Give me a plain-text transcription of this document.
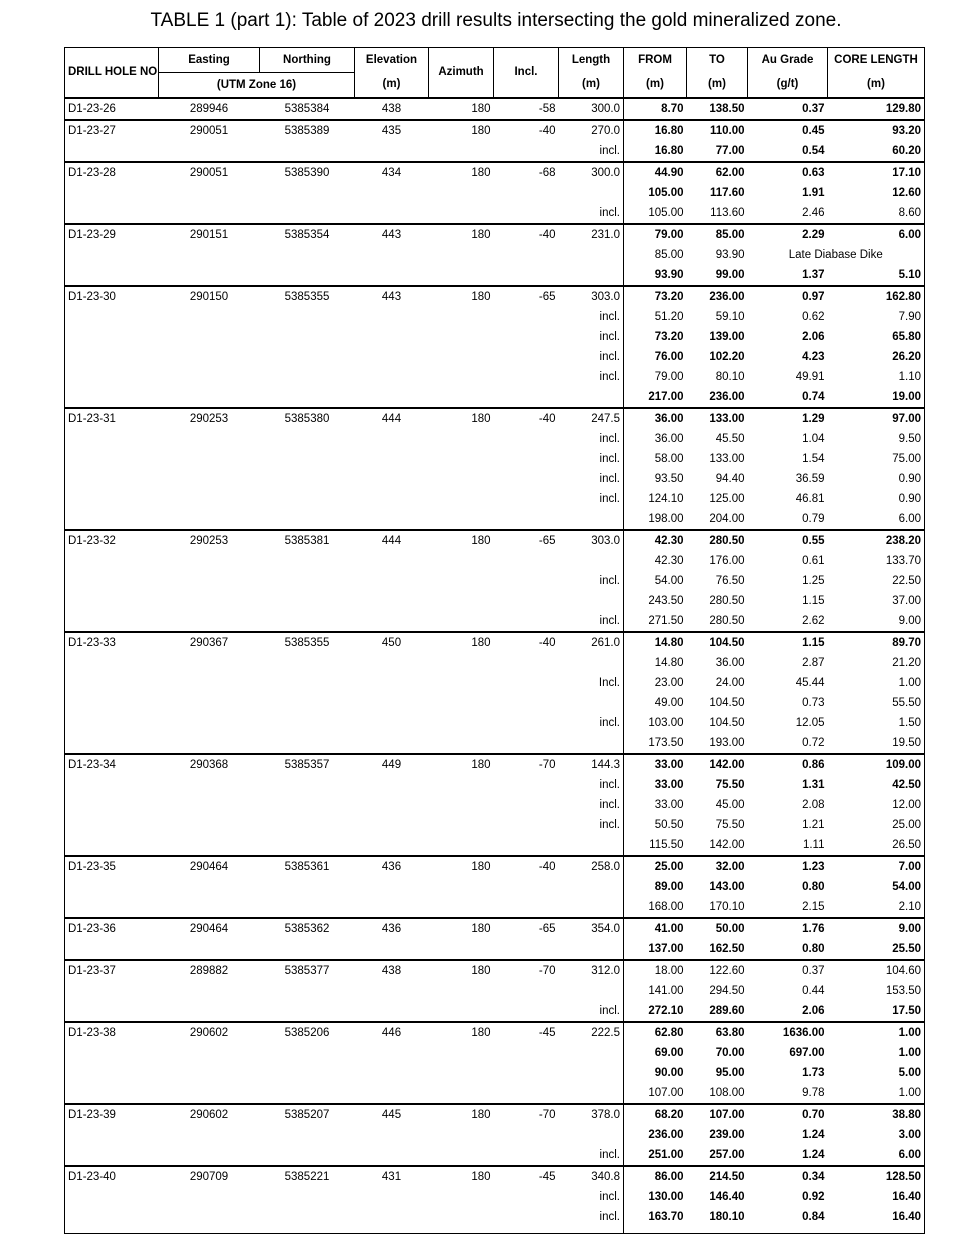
TABLE 1 (part 1): Table of 2023 drill results intersecting the gold mineralized zone.
DRILL HOLE NO	Easting	Northing	Elevation	Azimuth	Incl.	Length	FROM	TO	Au Grade	CORE LENGTH
	(UTM Zone 16)		(m)			(m)	(m)	(m)	(g/t)	(m)
D1-23-26	289946	5385384	438	180	-58	300.0	8.70	138.50	0.37	129.80
D1-23-27	290051	5385389	435	180	-40	270.0	16.80	110.00	0.45	93.20
						incl.	16.80	77.00	0.54	60.20
D1-23-28	290051	5385390	434	180	-68	300.0	44.90	62.00	0.63	17.10
							105.00	117.60	1.91	12.60
						incl.	105.00	113.60	2.46	8.60
D1-23-29	290151	5385354	443	180	-40	231.0	79.00	85.00	2.29	6.00
							85.00	93.90	Late Diabase Dike	
							93.90	99.00	1.37	5.10
D1-23-30	290150	5385355	443	180	-65	303.0	73.20	236.00	0.97	162.80
						incl.	51.20	59.10	0.62	7.90
						incl.	73.20	139.00	2.06	65.80
						incl.	76.00	102.20	4.23	26.20
						incl.	79.00	80.10	49.91	1.10
							217.00	236.00	0.74	19.00
D1-23-31	290253	5385380	444	180	-40	247.5	36.00	133.00	1.29	97.00
						incl.	36.00	45.50	1.04	9.50
						incl.	58.00	133.00	1.54	75.00
						incl.	93.50	94.40	36.59	0.90
						incl.	124.10	125.00	46.81	0.90
							198.00	204.00	0.79	6.00
D1-23-32	290253	5385381	444	180	-65	303.0	42.30	280.50	0.55	238.20
							42.30	176.00	0.61	133.70
						incl.	54.00	76.50	1.25	22.50
							243.50	280.50	1.15	37.00
						incl.	271.50	280.50	2.62	9.00
D1-23-33	290367	5385355	450	180	-40	261.0	14.80	104.50	1.15	89.70
							14.80	36.00	2.87	21.20
						Incl.	23.00	24.00	45.44	1.00
							49.00	104.50	0.73	55.50
						incl.	103.00	104.50	12.05	1.50
							173.50	193.00	0.72	19.50
D1-23-34	290368	5385357	449	180	-70	144.3	33.00	142.00	0.86	109.00
						incl.	33.00	75.50	1.31	42.50
						incl.	33.00	45.00	2.08	12.00
						incl.	50.50	75.50	1.21	25.00
							115.50	142.00	1.11	26.50
D1-23-35	290464	5385361	436	180	-40	258.0	25.00	32.00	1.23	7.00
							89.00	143.00	0.80	54.00
							168.00	170.10	2.15	2.10
D1-23-36	290464	5385362	436	180	-65	354.0	41.00	50.00	1.76	9.00
							137.00	162.50	0.80	25.50
D1-23-37	289882	5385377	438	180	-70	312.0	18.00	122.60	0.37	104.60
							141.00	294.50	0.44	153.50
						incl.	272.10	289.60	2.06	17.50
D1-23-38	290602	5385206	446	180	-45	222.5	62.80	63.80	1636.00	1.00
							69.00	70.00	697.00	1.00
							90.00	95.00	1.73	5.00
							107.00	108.00	9.78	1.00
D1-23-39	290602	5385207	445	180	-70	378.0	68.20	107.00	0.70	38.80
							236.00	239.00	1.24	3.00
						incl.	251.00	257.00	1.24	6.00
D1-23-40	290709	5385221	431	180	-45	340.8	86.00	214.50	0.34	128.50
						incl.	130.00	146.40	0.92	16.40
						incl.	163.70	180.10	0.84	16.40
